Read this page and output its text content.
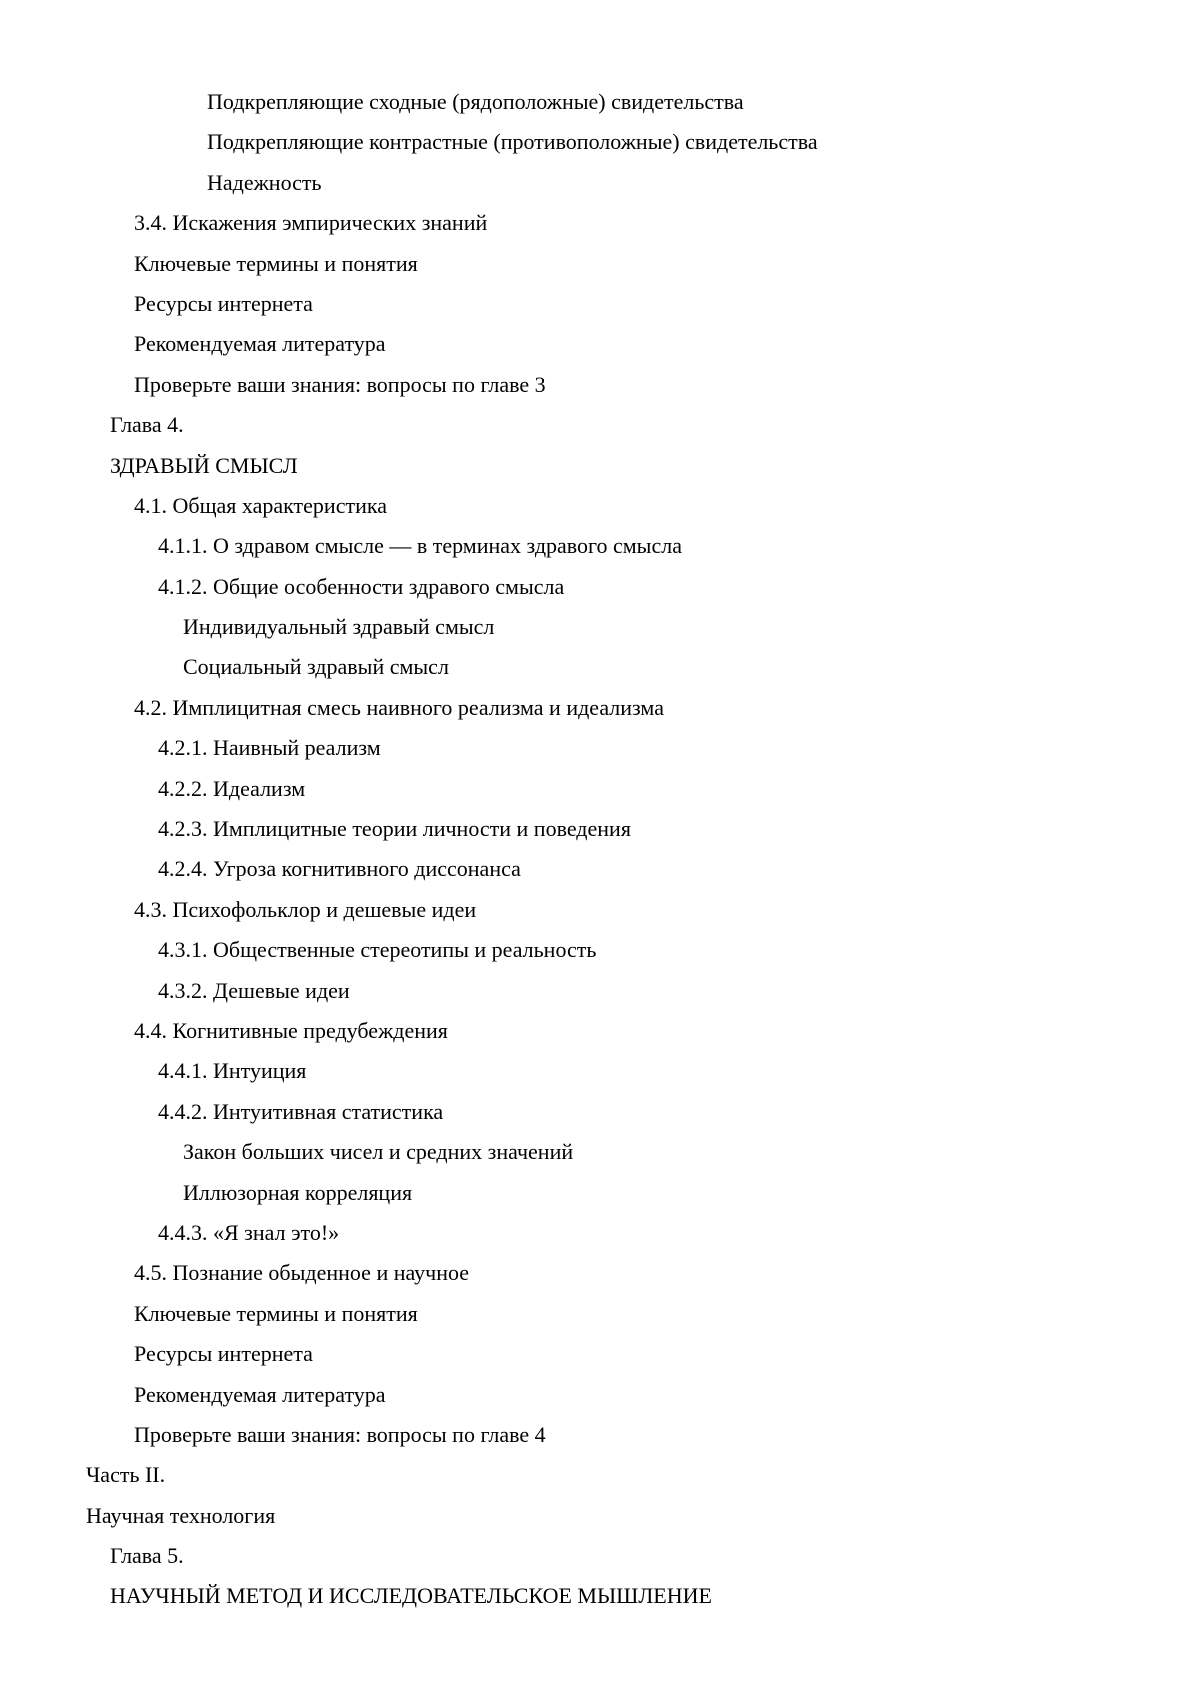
Подкрепляющие сходные (рядоположные) свидетельства
Подкрепляющие контрастные (противоположные) свидетельства
Надежность
3.4. Искажения эмпирических знаний
Ключевые термины и понятия
Ресурсы интернета
Рекомендуемая литература
Проверьте ваши знания: вопросы по главе 3
Глава 4.
ЗДРАВЫЙ СМЫСЛ
4.1. Общая характеристика
4.1.1. О здравом смысле — в терминах здравого смысла
4.1.2. Общие особенности здравого смысла
Индивидуальный здравый смысл
Социальный здравый смысл
4.2. Имплицитная смесь наивного реализма и идеализма
4.2.1. Наивный реализм
4.2.2. Идеализм
4.2.3. Имплицитные теории личности и поведения
4.2.4. Угроза когнитивного диссонанса
4.3. Психофольклор и дешевые идеи
4.3.1. Общественные стереотипы и реальность
4.3.2. Дешевые идеи
4.4. Когнитивные предубеждения
4.4.1. Интуиция
4.4.2. Интуитивная статистика
Закон больших чисел и средних значений
Иллюзорная корреляция
4.4.3. «Я знал это!»
4.5. Познание обыденное и научное
Ключевые термины и понятия
Ресурсы интернета
Рекомендуемая литература
Проверьте ваши знания: вопросы по главе 4
Часть II.
Научная технология
Глава 5.
НАУЧНЫЙ МЕТОД И ИССЛЕДОВАТЕЛЬСКОЕ МЫШЛЕНИЕ
